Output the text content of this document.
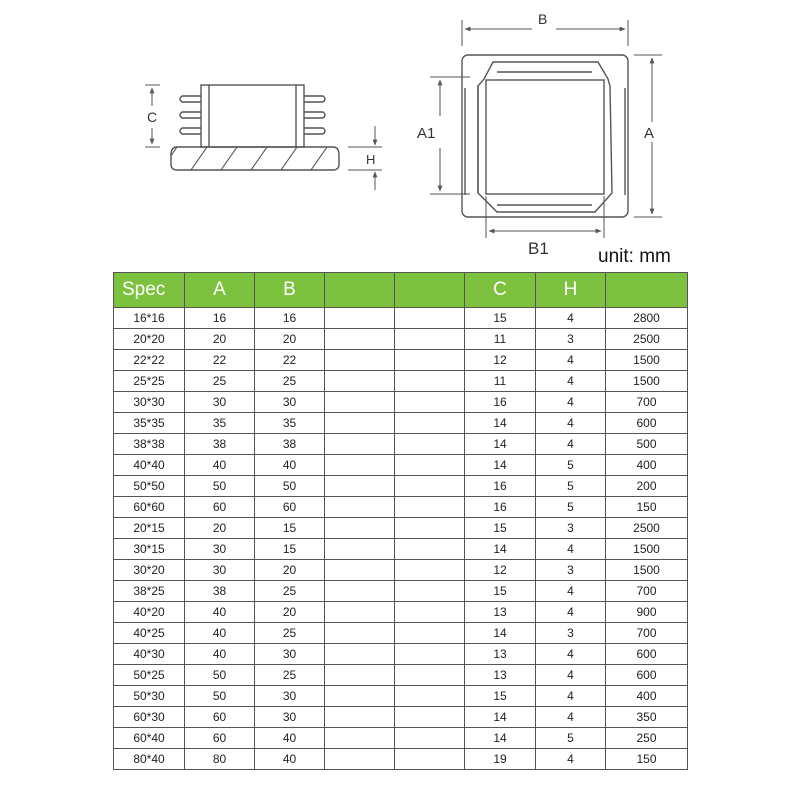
C
H
B
A
A1
B1	unit: mm
Spec	A	B			C	H	
16*16	16	16			15	4	2800
20*20	20	20			11	3	2500
22*22	22	22			12	4	1500
25*25	25	25			11	4	1500
30*30	30	30			16	4	700
35*35	35	35			14	4	600
38*38	38	38			14	4	500
40*40	40	40			14	5	400
50*50	50	50			16	5	200
60*60	60	60			16	5	150
20*15	20	15			15	3	2500
30*15	30	15			14	4	1500
30*20	30	20			12	3	1500
38*25	38	25			15	4	700
40*20	40	20			13	4	900
40*25	40	25			14	3	700
40*30	40	30			13	4	600
50*25	50	25			13	4	600
50*30	50	30			15	4	400
60*30	60	30			14	4	350
60*40	60	40			14	5	250
80*40	80	40			19	4	150
